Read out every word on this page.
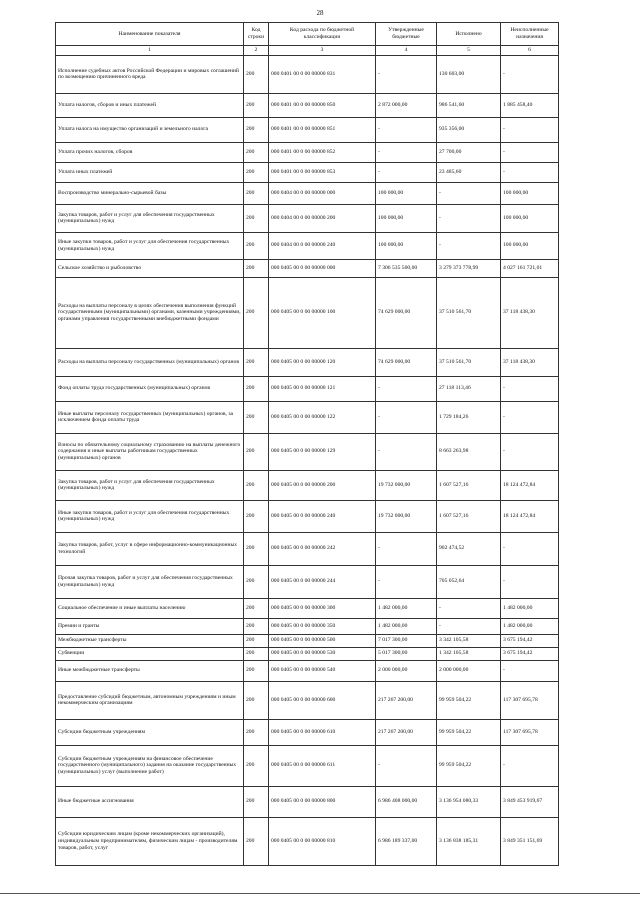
28
Наименование показателя	Код строки	Код расхода по бюджетной классификации	Утвержденные бюджетные	Исполнено	Неисполненные назначения
1	2	3	4	5	6
Исполнение судебных актов Российской Федерации и мировых соглашений по возмещению причиненного вреда	200	000 0401 00 0 00 00000 831	-	130 603,00	-
Уплата налогов, сборов и иных платежей	200	000 0401 00 0 00 00000 850	2 872 000,00	986 541,60	1 885 458,40
Уплата налога на имущество организаций и земельного налога	200	000 0401 00 0 00 00000 851	-	935 356,00	-
Уплата прочих налогов, сборов	200	000 0401 00 0 00 00000 852	-	27 700,00	-
Уплата иных платежей	200	000 0401 00 0 00 00000 853	-	23 485,60	-
Воспроизводство минерально-сырьевой базы	200	000 0404 00 0 00 00000 000	100 000,00	-	100 000,00
Закупка товаров, работ и услуг для обеспечения государственных (муниципальных) нужд	200	000 0404 00 0 00 00000 200	100 000,00	-	100 000,00
Иные закупки товаров, работ и услуг для обеспечения государственных (муниципальных) нужд	200	000 0404 00 0 00 00000 240	100 000,00	-	100 000,00
Сельское хозяйство и рыболовство	200	000 0405 00 0 00 00000 000	7 306 535 500,00	3 279 373 778,99	4 027 161 721,01
Расходы на выплаты персоналу в целях обеспечения выполнения функций государственными (муниципальными) органами, казенными учреждениями, органами управления государственными внебюджетными фондами	200	000 0405 00 0 00 00000 100	74 629 000,00	37 510 561,70	37 118 438,30
Расходы на выплаты персоналу государственных (муниципальных) органов	200	000 0405 00 0 00 00000 120	74 629 000,00	37 510 561,70	37 118 438,30
Фонд оплаты труда государственных (муниципальных) органов	200	000 0405 00 0 00 00000 121	-	27 118 113,46	-
Иные выплаты персоналу государственных (муниципальных) органов, за исключением фонда оплаты труда	200	000 0405 00 0 00 00000 122	-	1 729 184,26	-
Взносы по обязательному социальному страхованию на выплаты денежного содержания и иные выплаты работникам государственных (муниципальных) органов	200	000 0405 00 0 00 00000 129	-	8 663 263,98	-
Закупка товаров, работ и услуг для обеспечения государственных (муниципальных) нужд	200	000 0405 00 0 00 00000 200	19 732 000,00	1 607 527,16	18 124 472,84
Иные закупки товаров, работ и услуг для обеспечения государственных (муниципальных) нужд	200	000 0405 00 0 00 00000 240	19 732 000,00	1 607 527,16	18 124 472,84
Закупка товаров, работ, услуг в сфере информационно-коммуникационных технологий	200	000 0405 00 0 00 00000 242	-	902 474,52	-
Прочая закупка товаров, работ и услуг для обеспечения государственных (муниципальных) нужд	200	000 0405 00 0 00 00000 244	-	705 052,64	-
Социальное обеспечение и иные выплаты населению	200	000 0405 00 0 00 00000 300	1 482 000,00	-	1 482 000,00
Премии и гранты	200	000 0405 00 0 00 00000 350	1 482 000,00	-	1 482 000,00
Межбюджетные трансферты	200	000 0405 00 0 00 00000 500	7 017 300,00	3 342 105,58	3 675 194,42
Субвенции	200	000 0405 00 0 00 00000 530	5 017 300,00	1 342 105,58	3 675 194,42
Иные межбюджетные трансферты	200	000 0405 00 0 00 00000 540	2 000 000,00	2 000 000,00	-
Предоставление субсидий бюджетным, автономным учреждениям и иным некоммерческим организациям	200	000 0405 00 0 00 00000 600	217 267 200,00	99 959 504,22	117 307 695,78
Субсидии бюджетным учреждениям	200	000 0405 00 0 00 00000 610	217 267 200,00	99 959 504,22	117 307 695,78
Субсидии бюджетным учреждениям на финансовое обеспечение государственного (муниципального) задания на оказание государственных (муниципальных) услуг (выполнение работ)	200	000 0405 00 0 00 00000 611	-	99 959 504,22	-
Иные бюджетные ассигнования	200	000 0405 00 0 00 00000 800	6 986 408 000,00	3 136 954 080,33	3 849 453 919,67
Субсидии юридическим лицам (кроме некоммерческих организаций), индивидуальным предпринимателям, физическим лицам - производителям товаров, работ, услуг	200	000 0405 00 0 00 00000 810	6 986 189 337,00	3 136 838 185,31	3 849 351 151,69
